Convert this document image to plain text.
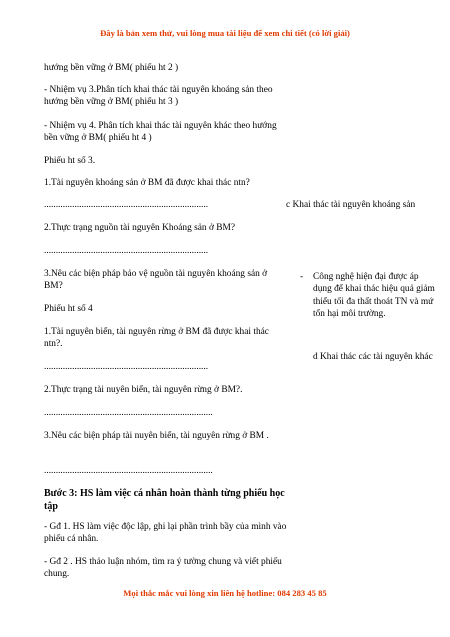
Đây là bản xem thử, vui lòng mua tài liệu để xem chi tiết (có lời giải)

hướng bền vững ở BM( phiếu ht 2 )

- Nhiệm vụ 3.Phân tích khai thác tài nguyên khoáng sản theo hướng bền vững ở BM( phiếu ht 3 )

- Nhiệm vụ 4. Phân tích khai thác tài nguyên khác theo hướng bền vững ở BM( phiếu ht 4 )

Phiếu ht số 3.

1.Tài nguyên khoáng sản ở BM đã được khai thác ntn?

......................................................................

2.Thực trạng nguồn tài nguyên Khoáng sản ở BM?

......................................................................

3.Nêu các biện pháp bảo vệ nguồn tài nguyên khoáng sản ở BM?

Phiếu ht số 4

1.Tài nguyên biển, tài nguyên rừng ở BM đã được khai thác ntn?.

......................................................................

2.Thực trạng tài nuyên biển, tài nguyên rừng ở BM?.

........................................................................

3.Nêu các biện pháp tài nuyên biển, tài nguyên rừng ở BM .

........................................................................

Bước 3: HS làm việc cá nhân hoàn thành từng phiếu học tập

- Gđ 1. HS làm việc độc lập, ghi lại phần trình bầy của mình vào phiếu cá nhân.

- Gđ 2 . HS thảo luận nhóm, tìm ra ý tường chung và viết phiếu chung.

c Khai thác tài nguyên khoáng sản

- Công nghệ hiện đại được áp
dụng để khai thác hiệu quả giảm
thiểu tối đa thất thoát TN và mứ
tổn hại môi trường.

d Khai thác các tài nguyên khác

Mọi thắc mắc vui lòng xin liên hệ hotline: 084 283 45 85
